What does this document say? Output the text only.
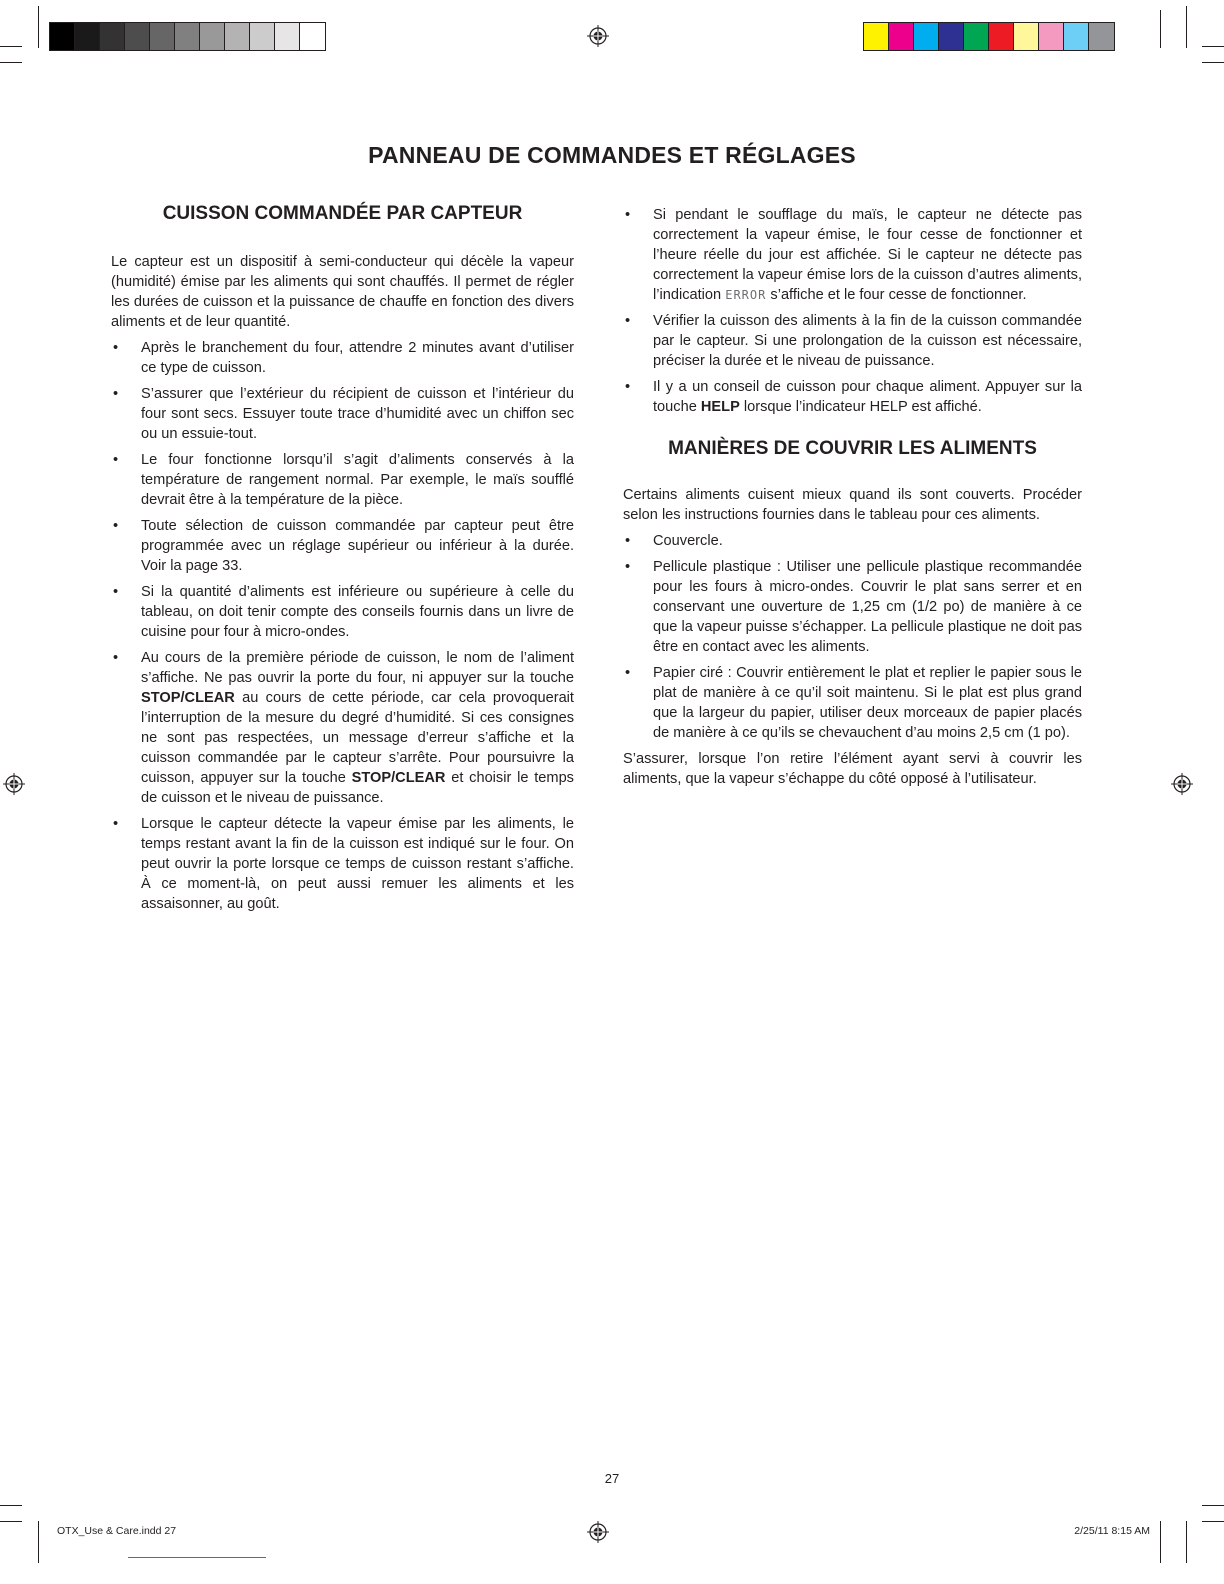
PANNEAU DE COMMANDES ET RÉGLAGES
CUISSON COMMANDÉE PAR CAPTEUR

Le capteur est un dispositif à semi-conducteur qui décèle la vapeur (humidité) émise par les aliments qui sont chauffés. Il permet de régler les durées de cuisson et la puissance de chauffe en fonction des divers aliments et de leur quantité.

• Après le branchement du four, attendre 2 minutes avant d’utiliser ce type de cuisson.
• S’assurer que l’extérieur du récipient de cuisson et l’intérieur du four sont secs. Essuyer toute trace d’humidité avec un chiffon sec ou un essuie-tout.
• Le four fonctionne lorsqu’il s’agit d’aliments conservés à la température de rangement normal. Par exemple, le maïs soufflé devrait être à la température de la pièce.
• Toute sélection de cuisson commandée par capteur peut être programmée avec un réglage supérieur ou inférieur à la durée. Voir la page 33.
• Si la quantité d’aliments est inférieure ou supérieure à celle du tableau, on doit tenir compte des conseils fournis dans un livre de cuisine pour four à micro-ondes.
• Au cours de la première période de cuisson, le nom de l’aliment s’affiche. Ne pas ouvrir la porte du four, ni appuyer sur la touche STOP/CLEAR au cours de cette période, car cela provoquerait l’interruption de la mesure du degré d’humidité. Si ces consignes ne sont pas respectées, un message d’erreur s’affiche et la cuisson commandée par le capteur s’arrête. Pour poursuivre la cuisson, appuyer sur la touche STOP/CLEAR et choisir le temps de cuisson et le niveau de puissance.
• Lorsque le capteur détecte la vapeur émise par les aliments, le temps restant avant la fin de la cuisson est indiqué sur le four. On peut ouvrir la porte lorsque ce temps de cuisson restant s’affiche. À ce moment-là, on peut aussi remuer les aliments et les assaisonner, au goût.
• Si pendant le soufflage du maïs, le capteur ne détecte pas correctement la vapeur émise, le four cesse de fonctionner et l’heure réelle du jour est affichée. Si le capteur ne détecte pas correctement la vapeur émise lors de la cuisson d’autres aliments, l’indication ERROR s’affiche et le four cesse de fonctionner.
• Vérifier la cuisson des aliments à la fin de la cuisson commandée par le capteur. Si une prolongation de la cuisson est nécessaire, préciser la durée et le niveau de puissance.
• Il y a un conseil de cuisson pour chaque aliment. Appuyer sur la touche HELP lorsque l’indicateur HELP est affiché.
MANIÈRES DE COUVRIR LES ALIMENTS

Certains aliments cuisent mieux quand ils sont couverts. Procéder selon les instructions fournies dans le tableau pour ces aliments.

• Couvercle.
• Pellicule plastique : Utiliser une pellicule plastique recommandée pour les fours à micro-ondes. Couvrir le plat sans serrer et en conservant une ouverture de 1,25 cm (1/2 po) de manière à ce que la vapeur puisse s’échapper. La pellicule plastique ne doit pas être en contact avec les aliments.
• Papier ciré : Couvrir entièrement le plat et replier le papier sous le plat de manière à ce qu’il soit maintenu. Si le plat est plus grand que la largeur du papier, utiliser deux morceaux de papier placés de manière à ce qu’ils se chevauchent d’au moins 2,5 cm (1 po).

S’assurer, lorsque l’on retire l’élément ayant servi à couvrir les aliments, que la vapeur s’échappe du côté opposé à l’utilisateur.

27
OTX_Use & Care.indd 27	2/25/11 8:15 AM
